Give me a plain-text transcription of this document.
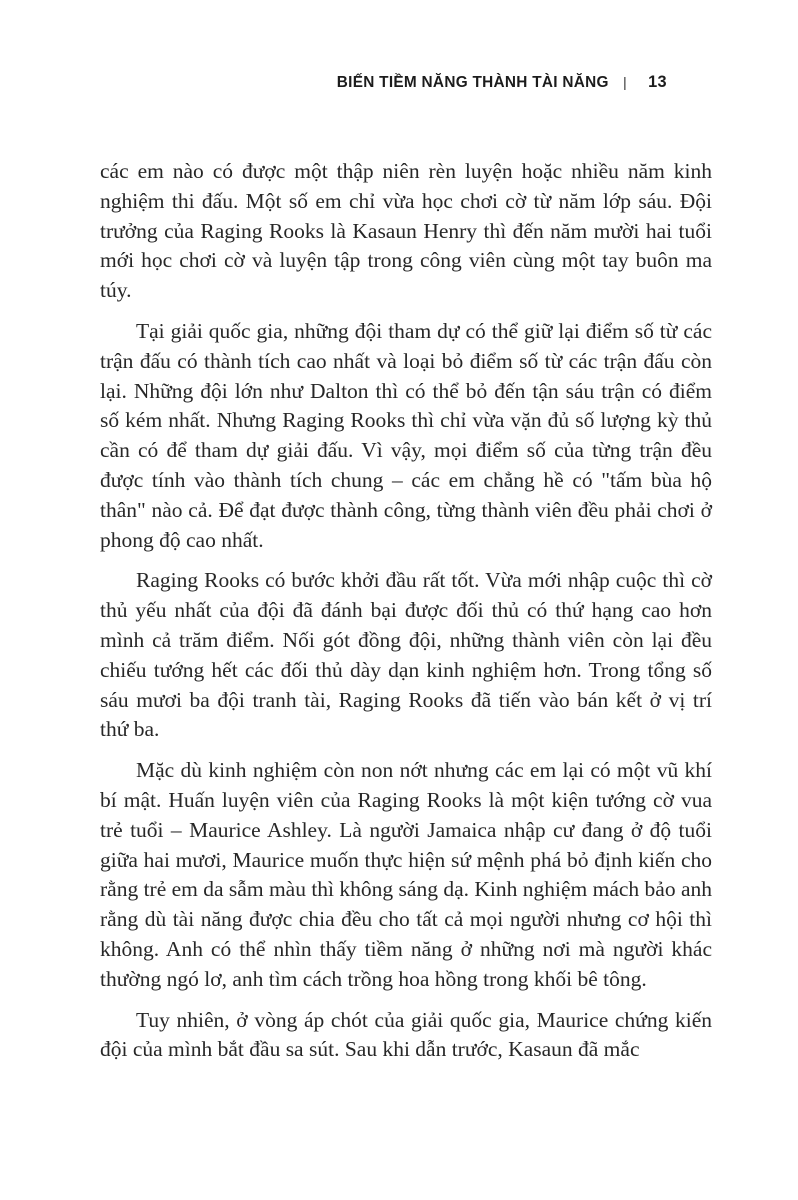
BIẾN TIỀM NĂNG THÀNH TÀI NĂNG | 13

các em nào có được một thập niên rèn luyện hoặc nhiều năm kinh nghiệm thi đấu. Một số em chỉ vừa học chơi cờ từ năm lớp sáu. Đội trưởng của Raging Rooks là Kasaun Henry thì đến năm mười hai tuổi mới học chơi cờ và luyện tập trong công viên cùng một tay buôn ma túy.

Tại giải quốc gia, những đội tham dự có thể giữ lại điểm số từ các trận đấu có thành tích cao nhất và loại bỏ điểm số từ các trận đấu còn lại. Những đội lớn như Dalton thì có thể bỏ đến tận sáu trận có điểm số kém nhất. Nhưng Raging Rooks thì chỉ vừa vặn đủ số lượng kỳ thủ cần có để tham dự giải đấu. Vì vậy, mọi điểm số của từng trận đều được tính vào thành tích chung – các em chẳng hề có "tấm bùa hộ thân" nào cả. Để đạt được thành công, từng thành viên đều phải chơi ở phong độ cao nhất.

Raging Rooks có bước khởi đầu rất tốt. Vừa mới nhập cuộc thì cờ thủ yếu nhất của đội đã đánh bại được đối thủ có thứ hạng cao hơn mình cả trăm điểm. Nối gót đồng đội, những thành viên còn lại đều chiếu tướng hết các đối thủ dày dạn kinh nghiệm hơn. Trong tổng số sáu mươi ba đội tranh tài, Raging Rooks đã tiến vào bán kết ở vị trí thứ ba.

Mặc dù kinh nghiệm còn non nớt nhưng các em lại có một vũ khí bí mật. Huấn luyện viên của Raging Rooks là một kiện tướng cờ vua trẻ tuổi – Maurice Ashley. Là người Jamaica nhập cư đang ở độ tuổi giữa hai mươi, Maurice muốn thực hiện sứ mệnh phá bỏ định kiến cho rằng trẻ em da sẫm màu thì không sáng dạ. Kinh nghiệm mách bảo anh rằng dù tài năng được chia đều cho tất cả mọi người nhưng cơ hội thì không. Anh có thể nhìn thấy tiềm năng ở những nơi mà người khác thường ngó lơ, anh tìm cách trồng hoa hồng trong khối bê tông.

Tuy nhiên, ở vòng áp chót của giải quốc gia, Maurice chứng kiến đội của mình bắt đầu sa sút. Sau khi dẫn trước, Kasaun đã mắc
